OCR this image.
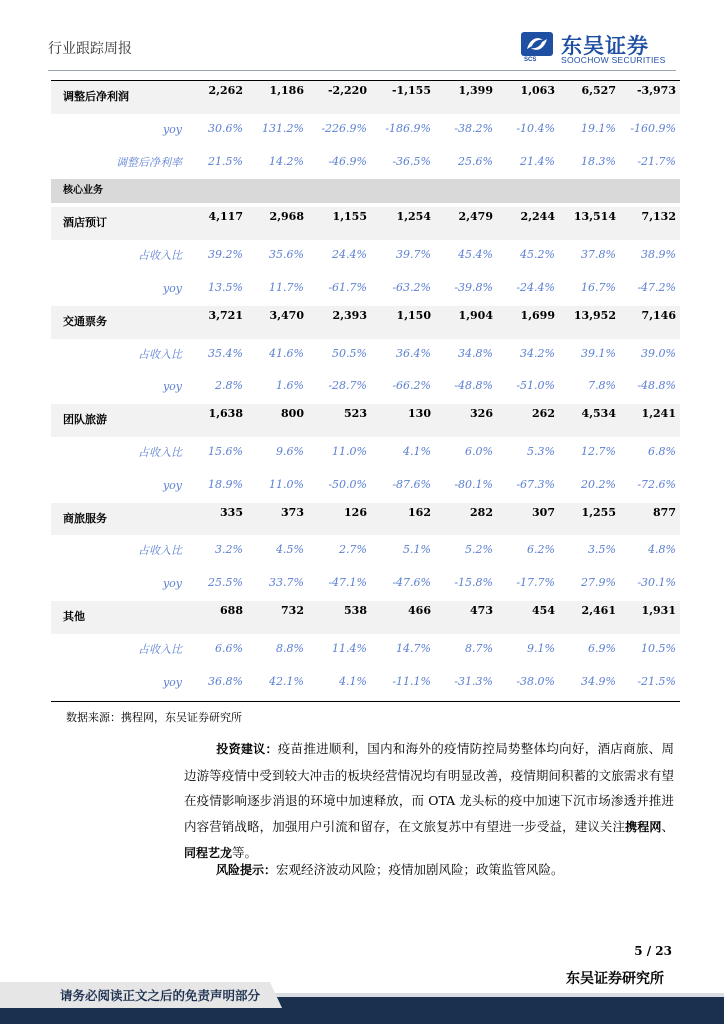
行业跟踪周报
SCS
东吴证券
SOOCHOW SECURITIES
调整后净利润	2,262	1,186	-2,220	-1,155	1,399	1,063	6,527	-3,973
yoy	30.6%	131.2%	-226.9%	-186.9%	-38.2%	-10.4%	19.1%	-160.9%
调整后净利率	21.5%	14.2%	-46.9%	-36.5%	25.6%	21.4%	18.3%	-21.7%
核心业务
酒店预订	4,117	2,968	1,155	1,254	2,479	2,244	13,514	7,132
占收入比	39.2%	35.6%	24.4%	39.7%	45.4%	45.2%	37.8%	38.9%
yoy	13.5%	11.7%	-61.7%	-63.2%	-39.8%	-24.4%	16.7%	-47.2%
交通票务	3,721	3,470	2,393	1,150	1,904	1,699	13,952	7,146
占收入比	35.4%	41.6%	50.5%	36.4%	34.8%	34.2%	39.1%	39.0%
yoy	2.8%	1.6%	-28.7%	-66.2%	-48.8%	-51.0%	7.8%	-48.8%
团队旅游	1,638	800	523	130	326	262	4,534	1,241
占收入比	15.6%	9.6%	11.0%	4.1%	6.0%	5.3%	12.7%	6.8%
yoy	18.9%	11.0%	-50.0%	-87.6%	-80.1%	-67.3%	20.2%	-72.6%
商旅服务	335	373	126	162	282	307	1,255	877
占收入比	3.2%	4.5%	2.7%	5.1%	5.2%	6.2%	3.5%	4.8%
yoy	25.5%	33.7%	-47.1%	-47.6%	-15.8%	-17.7%	27.9%	-30.1%
其他	688	732	538	466	473	454	2,461	1,931
占收入比	6.6%	8.8%	11.4%	14.7%	8.7%	9.1%	6.9%	10.5%
yoy	36.8%	42.1%	4.1%	-11.1%	-31.3%	-38.0%	34.9%	-21.5%
数据来源：携程网，东吴证券研究所

投资建议：疫苗推进顺利，国内和海外的疫情防控局势整体均向好，酒店商旅、周边游等疫情中受到较大冲击的板块经营情况均有明显改善，疫情期间积蓄的文旅需求有望在疫情影响逐步消退的环境中加速释放，而 OTA 龙头标的疫中加速下沉市场渗透并推进内容营销战略，加强用户引流和留存，在文旅复苏中有望进一步受益，建议关注携程网、同程艺龙等。

风险提示：宏观经济波动风险；疫情加剧风险；政策监管风险。
5 / 23
东吴证券研究所
请务必阅读正文之后的免责声明部分
